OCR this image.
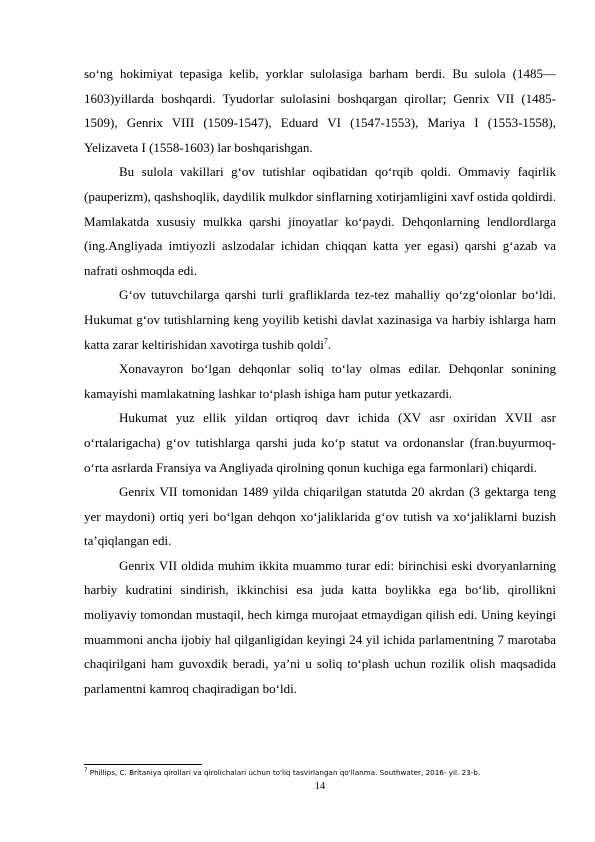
so‘ng hokimiyat tepasiga kelib, yorklar sulolasiga barham berdi. Bu sulola (1485—1603)yillarda boshqardi. Tyudorlar sulolasini boshqargan qirollar; Genrix VII (1485-1509), Genrix VIII (1509-1547), Eduard VI (1547-1553), Mariya I (1553-1558), Yelizaveta I (1558-1603) lar boshqarishgan.

Bu sulola vakillari g‘ov tutishlar oqibatidan qo‘rqib qoldi. Ommaviy faqirlik (pauperizm), qashshoqlik, daydilik mulkdor sinflarning xotirjamligini xavf ostida qoldirdi. Mamlakatda xususiy mulkka qarshi jinoyatlar ko‘paydi. Dehqonlarning lendlordlarga (ing.Angliyada imtiyozli aslzodalar ichidan chiqqan katta yer egasi) qarshi g‘azab va nafrati oshmoqda edi.

G‘ov tutuvchilarga qarshi turli grafliklarda tez-tez mahalliy qo‘zg‘olonlar bo‘ldi. Hukumat g‘ov tutishlarning keng yoyilib ketishi davlat xazinasiga va harbiy ishlarga ham katta zarar keltirishidan xavotirga tushib qoldi$^7$.

Xonavayron bo‘lgan dehqonlar soliq to‘lay olmas edilar. Dehqonlar sonining kamayishi mamlakatning lashkar to‘plash ishiga ham putur yetkazardi.

Hukumat yuz ellik yildan ortiqroq davr ichida (XV asr oxiridan XVII asr o‘rtalarigacha) g‘ov tutishlarga qarshi juda ko‘p statut va ordonanslar (fran.buyurmoq-o‘rta asrlarda Fransiya va Angliyada qirolning qonun kuchiga ega farmonlari) chiqardi.

Genrix VII tomonidan 1489 yilda chiqarilgan statutda 20 akrdan (3 gektarga teng yer maydoni) ortiq yeri bo‘lgan dehqon xo‘jaliklarida g‘ov tutish va xo‘jaliklarni buzish ta’qiqlangan edi.

Genrix VII oldida muhim ikkita muammo turar edi: birinchisi eski dvoryanlarning harbiy kudratini sindirish, ikkinchisi esa juda katta boylikka ega bo‘lib, qirollikni moliyaviy tomondan mustaqil, hech kimga murojaat etmaydigan qilish edi. Uning keyingi muammoni ancha ijobiy hal qilganligidan keyingi 24 yil ichida parlamentning 7 marotaba chaqirilgani ham guvoxdik beradi, ya’ni u soliq to‘plash uchun rozilik olish maqsadida parlamentni kamroq chaqiradigan bo‘ldi.

$^7$ Phillips, C. Britaniya qirollari va qirolichalari uchun to'liq tasvirlangan qo'llanma. Southwater, 2016- yil. 23-b.
14
